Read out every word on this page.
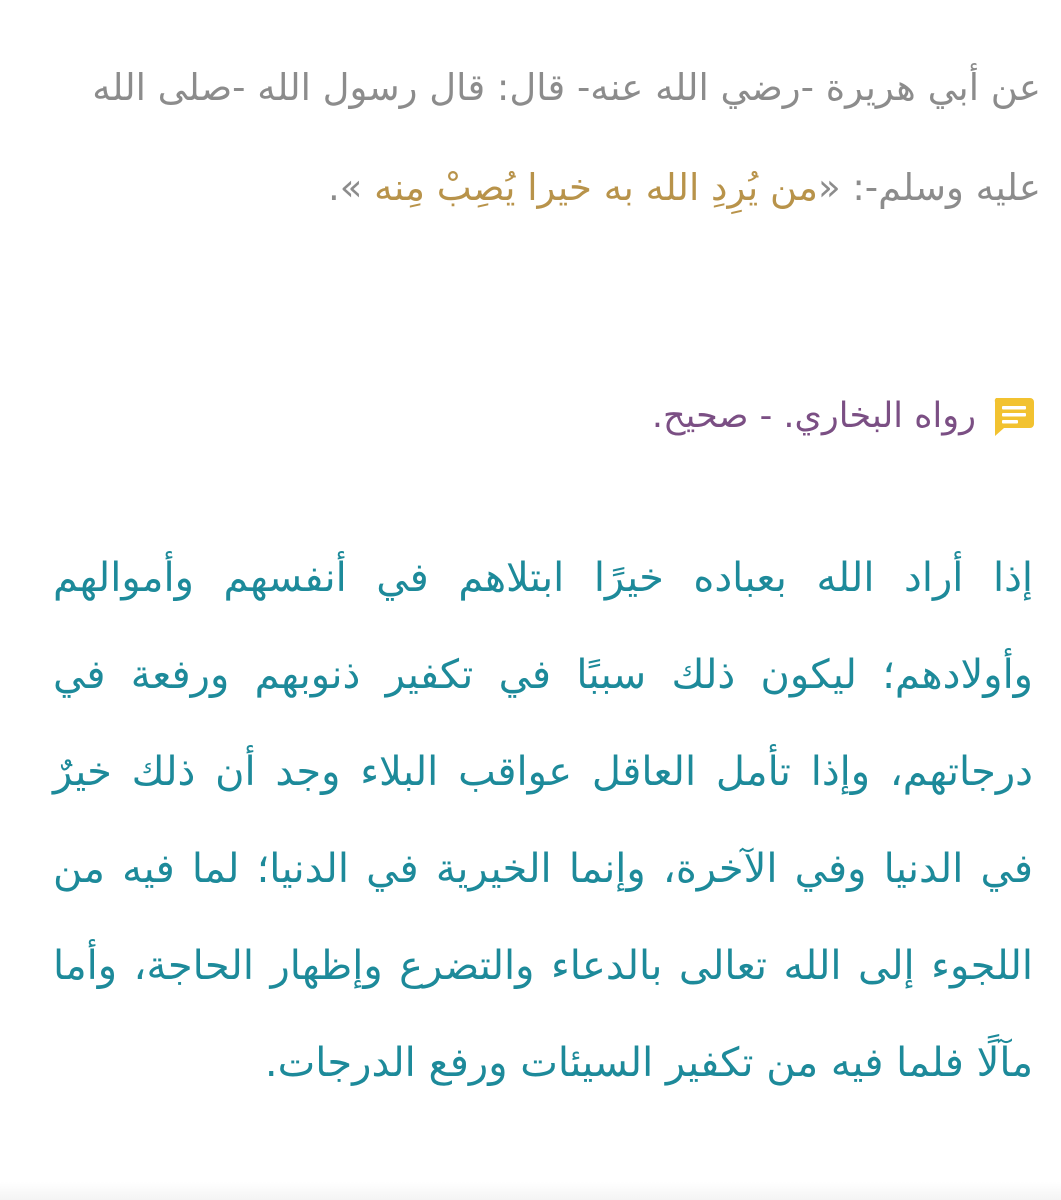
عن أبي هريرة -رضي الله عنه- قال: قال رسول الله -صلى الله عليه وسلم-: «من يُرِدِ الله به خيرا يُصِبْ مِنه ».

رواه البخاري. - صحيح.

إذا أراد الله بعباده خيرًا ابتلاهم في أنفسهم وأموالهم وأولادهم؛ ليكون ذلك سببًا في تكفير ذنوبهم ورفعة في درجاتهم، وإذا تأمل العاقل عواقب البلاء وجد أن ذلك خيرٌ في الدنيا وفي الآخرة، وإنما الخيرية في الدنيا؛ لما فيه من اللجوء إلى الله تعالى بالدعاء والتضرع وإظهار الحاجة، وأما مآلًا فلما فيه من تكفير السيئات ورفع الدرجات.
